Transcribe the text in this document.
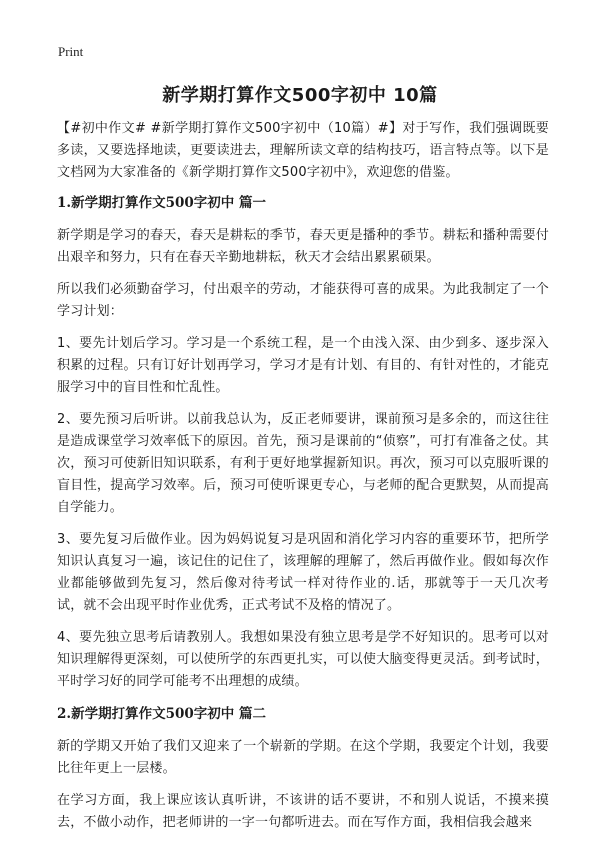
Print
新学期打算作文500字初中 10篇

【#初中作文# #新学期打算作文500字初中（10篇）#】对于写作，我们强调既要多读，又要选择地读，更要读进去，理解所读文章的结构技巧，语言特点等。以下是文档网为大家准备的《新学期打算作文500字初中》，欢迎您的借鉴。

1.新学期打算作文500字初中 篇一

新学期是学习的春天，春天是耕耘的季节，春天更是播种的季节。耕耘和播种需要付出艰辛和努力，只有在春天辛勤地耕耘，秋天才会结出累累硕果。

所以我们必须勤奋学习，付出艰辛的劳动，才能获得可喜的成果。为此我制定了一个学习计划：

1、要先计划后学习。学习是一个系统工程，是一个由浅入深、由少到多、逐步深入积累的过程。只有订好计划再学习，学习才是有计划、有目的、有针对性的，才能克服学习中的盲目性和忙乱性。

2、要先预习后听讲。以前我总认为，反正老师要讲，课前预习是多余的，而这往往是造成课堂学习效率低下的原因。首先，预习是课前的“侦察”，可打有准备之仗。其次，预习可使新旧知识联系，有利于更好地掌握新知识。再次，预习可以克服听课的盲目性，提高学习效率。后，预习可使听课更专心，与老师的配合更默契，从而提高自学能力。

3、要先复习后做作业。因为妈妈说复习是巩固和消化学习内容的重要环节，把所学知识认真复习一遍，该记住的记住了，该理解的理解了，然后再做作业。假如每次作业都能够做到先复习，然后像对待考试一样对待作业的.话，那就等于一天几次考试，就不会出现平时作业优秀，正式考试不及格的情况了。

4、要先独立思考后请教别人。我想如果没有独立思考是学不好知识的。思考可以对知识理解得更深刻，可以使所学的东西更扎实，可以使大脑变得更灵活。到考试时，平时学习好的同学可能考不出理想的成绩。

2.新学期打算作文500字初中 篇二

新的学期又开始了我们又迎来了一个崭新的学期。在这个学期，我要定个计划，我要比往年更上一层楼。

在学习方面，我上课应该认真听讲，不该讲的话不要讲，不和别人说话，不摸来摸去，不做小动作，把老师讲的一字一句都听进去。而在写作方面，我相信我会越来
